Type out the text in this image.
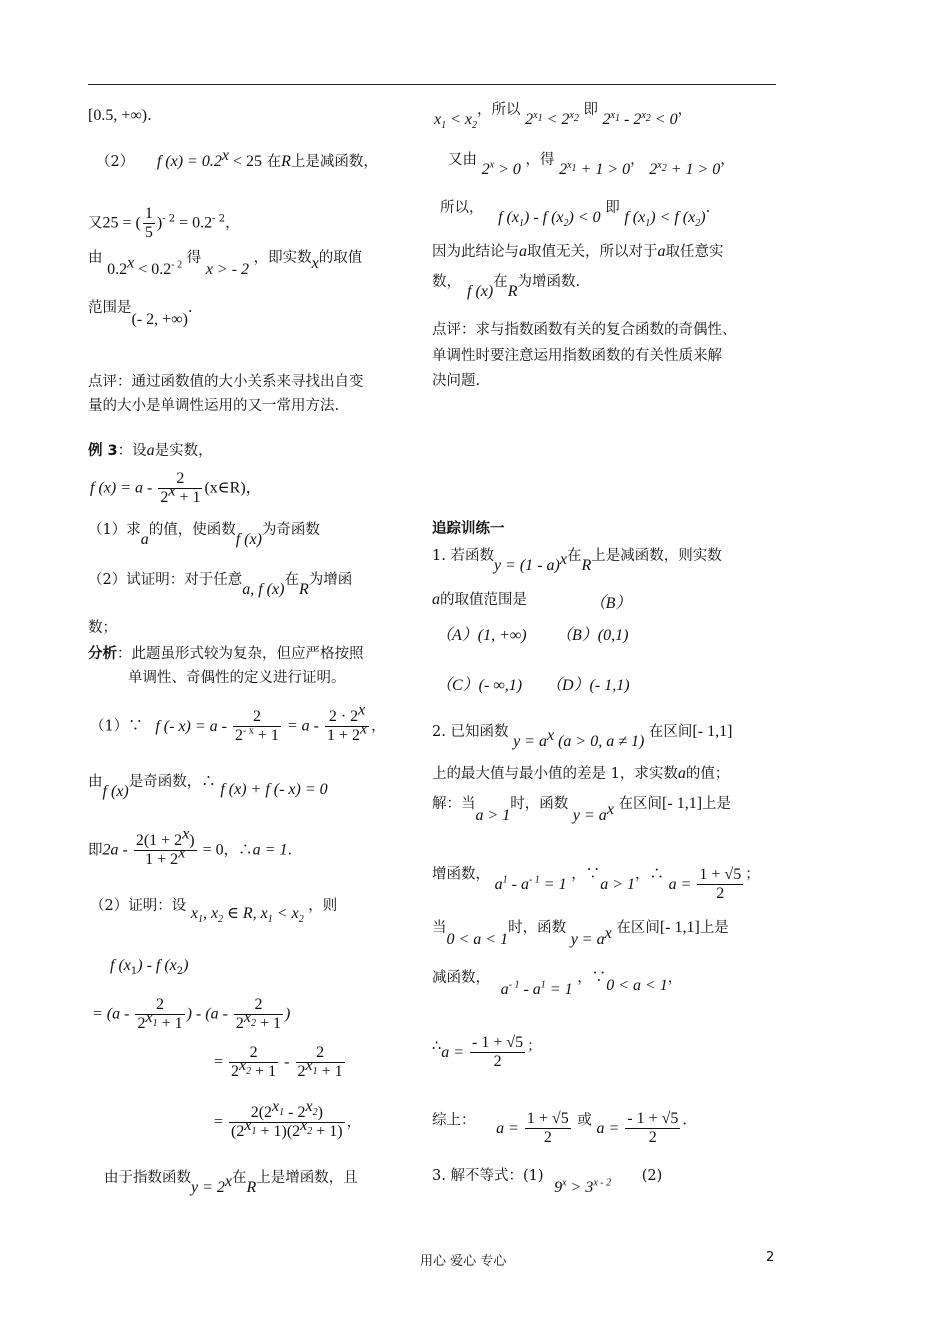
[0.5, +∞).
（2） f $(x) = 0.2^x < 25$ 在R上是减函数，
又25 = ( $\frac{1}{5} )^{- 2} = 0.2^{- 2}$，
由 $0.2^x < 0.2^{- 2}$ 得 x > - 2 ，即实数x的取值
范围是(- 2, +∞).
点评：通过函数值的大小关系来寻找出自变
量的大小是单调性运用的又一常用方法.
例 3：设a是实数，
f $(x) = a - \frac{2}{2^x + 1}$ (x∈R)，
（1）求a的值，使函数f (x)为奇函数
（2）试证明：对于任意a, f (x)在R为增函
数；
分析：此题虽形式较为复杂，但应严格按照
单调性、奇偶性的定义进行证明。
（1）∵ f (- $x) = a - \frac{2}{2^{- x} + 1} = a - \frac{2 \cdot 2^x}{1 + 2^x}$ ，
由f (x)是奇函数，∴ f (x) + f (- x) = 0
即$2a - \frac{2(1 + 2^x)}{1 + 2^x} = 0$，∴a = 1.
（2）证明：设 $x_1$, $x_2$ ∈ R, $x_1 < x_2$ ，则
f $(x_1)$ - f $(x_2)$
= ($a - \frac{2}{2^{x_1} + 1}$ ) - ($a - \frac{2}{2^{x_2} + 1}$ )
= $\frac{2}{2^{x_2} + 1} - \frac{2}{2^{x_1} + 1}$
= $\frac{2(2^{x_1} - 2^{x_2})}{(2^{x_1} + 1)(2^{x_2} + 1)}$ ，
由于指数函数$y = 2^x$在R上是增函数，且
$x_1 < x_2$，所以 $2^{x_1} < 2^{x_2}$ 即 $2^{x_1} - 2^{x_2} < 0$，
又由 $2^x > 0$ ，得 $2^{x_1} + 1 > 0$， $2^{x_2} + 1 > 0$，
所以， f $(x_1)$ - f $(x_2) < 0$ 即 f $(x_1) < f$ $(x_2)$.
因为此结论与a取值无关，所以对于a取任意实
数，f (x)在R为增函数.
点评：求与指数函数有关的复合函数的奇偶性、
单调性时要注意运用指数函数的有关性质来解
决问题.
追踪训练一
1. 若函数y = (1 - a)$^x$在R上是减函数，则实数
a的取值范围是	（B）
（A）(1, +∞) （B）(0,1)
（C）(- ∞,1) （D）(- 1,1)
2. 已知函数 $y = a^x$ (a > 0, a ≠ 1) 在区间[- 1,1]
上的最大值与最小值的差是 1，求实数a的值；
解：当a > 1时，函数 $y = a^x$ 在区间[- 1,1]上是
增函数， $a^1 - a^{- 1} = 1$ ，∵a > 1，∴ $a = \frac{1 + √5}{2}$ ；
当0 < a < 1时，函数 $y = a^x$ 在区间[- 1,1]上是
减函数， $a^{- 1} - a^1 = 1$ ，∵0 < a < 1，
∴a = $\frac{- 1 + √5}{2}$ ；
综上： $a = \frac{1 + √5}{2}$ 或 $a = \frac{- 1 + √5}{2}$ .
3. 解不等式：(1) $9^x > 3^{x - 2}$ (2)
用心 爱心 专心	2
